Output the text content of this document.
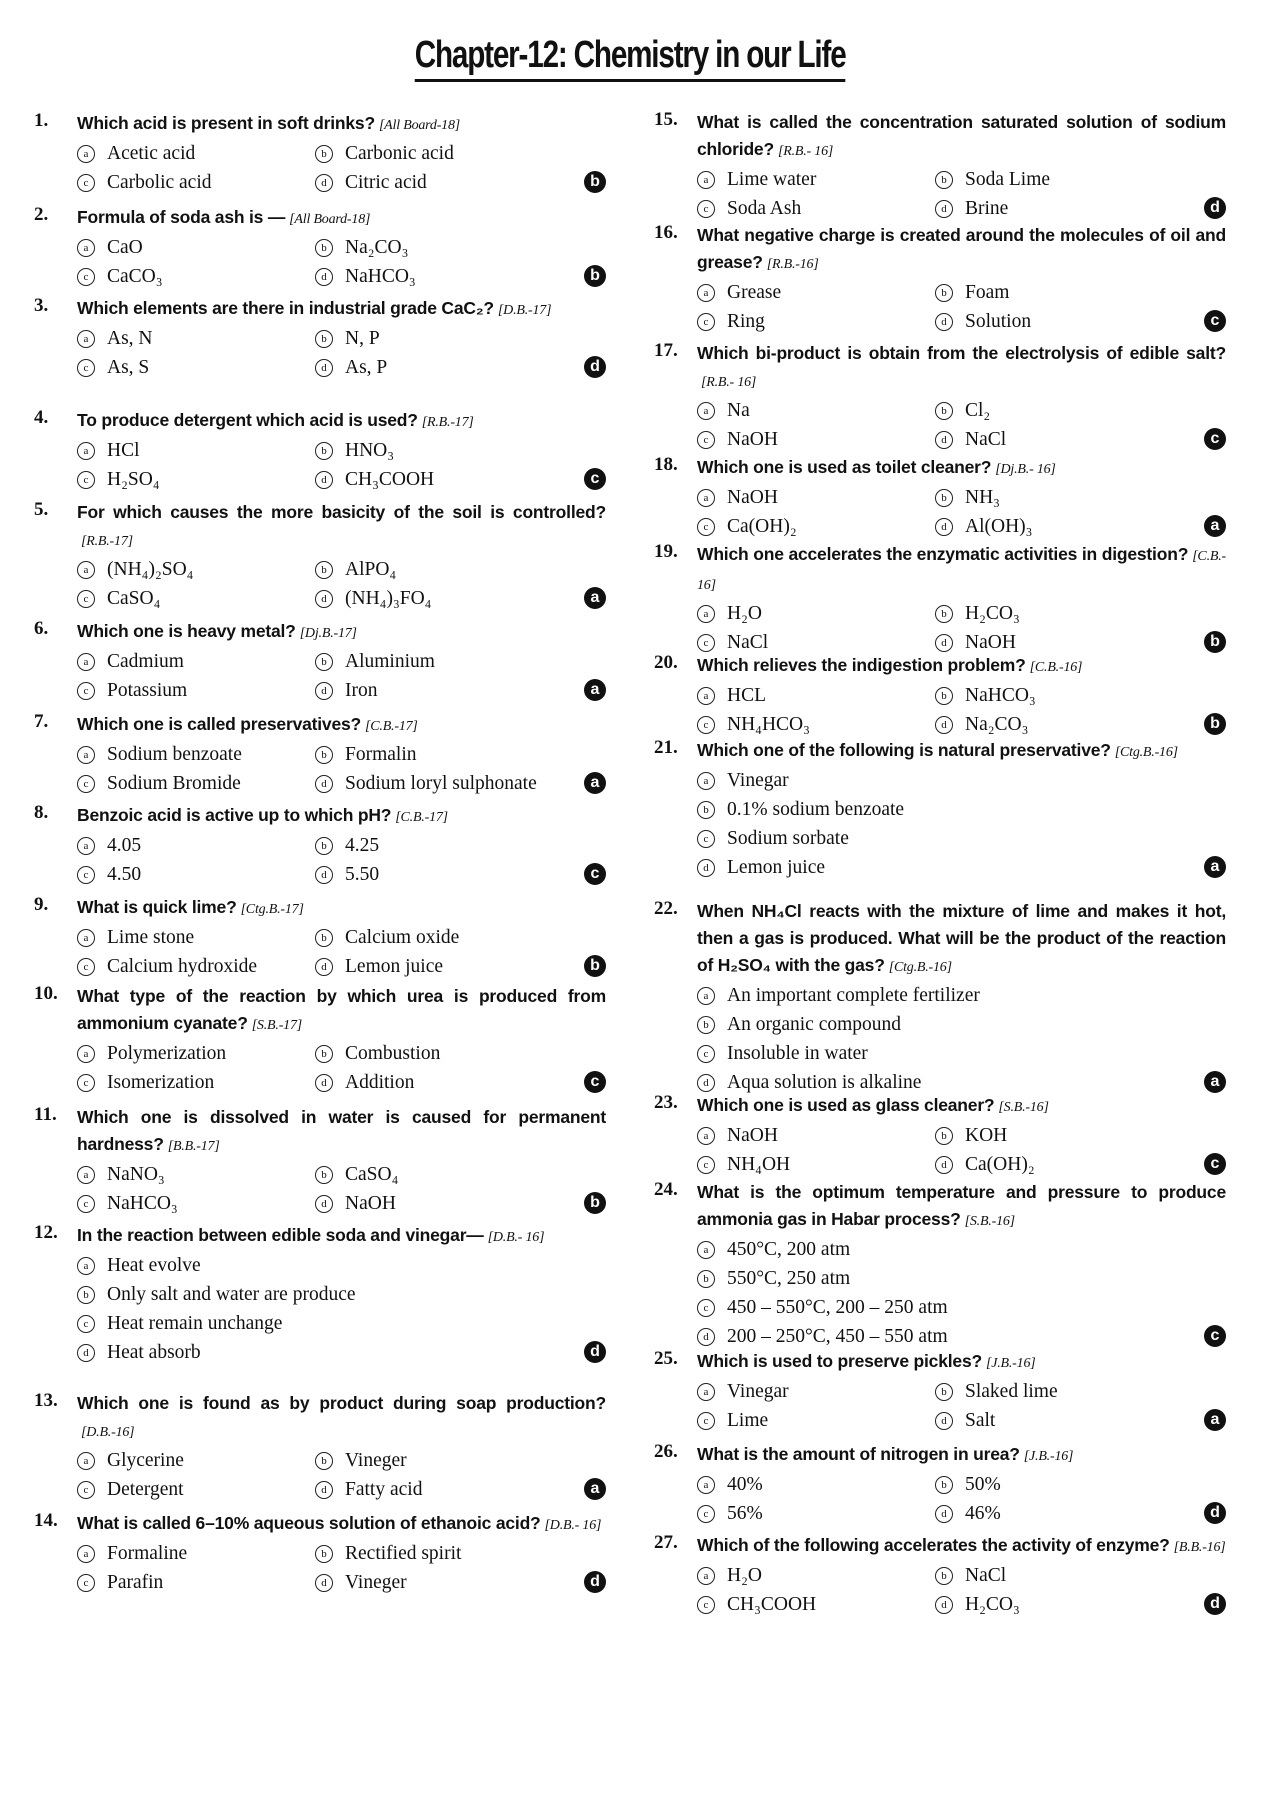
Chapter-12: Chemistry in our Life
1. Which acid is present in soft drinks? [All Board-18]
a Acetic acid	b Carbonic acid
c Carbolic acid	d Citric acid	b
2. Formula of soda ash is — [All Board-18]
a CaO	b Na₂CO₃
c CaCO₃	d NaHCO₃	b
3. Which elements are there in industrial grade CaC₂? [D.B.-17]
a As, N	b N, P
c As, S	d As, P	d
4. To produce detergent which acid is used? [R.B.-17]
a HCl	b HNO₃
c H₂SO₄	d CH₃COOH	c
5. For which causes the more basicity of the soil is controlled?[R.B.-17]
a (NH₄)₂SO₄	b AlPO₄
c CaSO₄	d (NH₄)₃FO₄	a
6. Which one is heavy metal? [Dj.B.-17]
a Cadmium	b Aluminium
c Potassium	d Iron	a
7. Which one is called preservatives? [C.B.-17]
a Sodium benzoate	b Formalin
c Sodium Bromide	d Sodium loryl sulphonate	a
8. Benzoic acid is active up to which pH? [C.B.-17]
a 4.05	b 4.25
c 4.50	d 5.50	c
9. What is quick lime? [Ctg.B.-17]
a Lime stone	b Calcium oxide
c Calcium hydroxide	d Lemon juice	b
10. What type of the reaction by which urea is produced from ammonium cyanate? [S.B.-17]
a Polymerization	b Combustion
c Isomerization	d Addition	c
11. Which one is dissolved in water is caused for permanent hardness? [B.B.-17]
a NaNO₃	b CaSO₄
c NaHCO₃	d NaOH	b
12. In the reaction between edible soda and vinegar— [D.B.- 16]
a Heat evolve
b Only salt and water are produce
c Heat remain unchange
d Heat absorb	d
13. Which one is found as by product during soap production?[D.B.-16]
a Glycerine	b Vineger
c Detergent	d Fatty acid	a
14. What is called 6–10% aqueous solution of ethanoic acid? [D.B.- 16]
a Formaline	b Rectified spirit
c Parafin	d Vineger	d
15. What is called the concentration saturated solution of sodium chloride? [R.B.- 16]
a Lime water	b Soda Lime
c Soda Ash	d Brine	d
16. What negative charge is created around the molecules of oil and grease? [R.B.-16]
a Grease	b Foam
c Ring	d Solution	c
17. Which bi-product is obtain from the electrolysis of edible salt?[R.B.- 16]
a Na	b Cl₂
c NaOH	d NaCl	c
18. Which one is used as toilet cleaner? [Dj.B.- 16]
a NaOH	b NH₃
c Ca(OH)₂	d Al(OH)₃	a
19. Which one accelerates the enzymatic activities in digestion? [C.B.- 16]
a H₂O	b H₂CO₃
c NaCl	d NaOH	b
20. Which relieves the indigestion problem? [C.B.-16]
a HCL	b NaHCO₃
c NH₄HCO₃	d Na₂CO₃	b
21. Which one of the following is natural preservative? [Ctg.B.-16]
a Vinegar
b 0.1% sodium benzoate
c Sodium sorbate
d Lemon juice	a
22. When NH₄Cl reacts with the mixture of lime and makes it hot, then a gas is produced. What will be the product of the reaction of H₂SO₄ with the gas? [Ctg.B.-16]
a An important complete fertilizer
b An organic compound
c Insoluble in water
d Aqua solution is alkaline	a
23. Which one is used as glass cleaner? [S.B.-16]
a NaOH	b KOH
c NH₄OH	d Ca(OH)₂	c
24. What is the optimum temperature and pressure to produce ammonia gas in Habar process? [S.B.-16]
a 450°C, 200 atm
b 550°C, 250 atm
c 450 – 550°C, 200 – 250 atm
d 200 – 250°C, 450 – 550 atm	c
25. Which is used to preserve pickles? [J.B.-16]
a Vinegar	b Slaked lime
c Lime	d Salt	a
26. What is the amount of nitrogen in urea? [J.B.-16]
a 40%	b 50%
c 56%	d 46%	d
27. Which of the following accelerates the activity of enzyme? [B.B.-16]
a H₂O	b NaCl
c CH₃COOH	d H₂CO₃	d
